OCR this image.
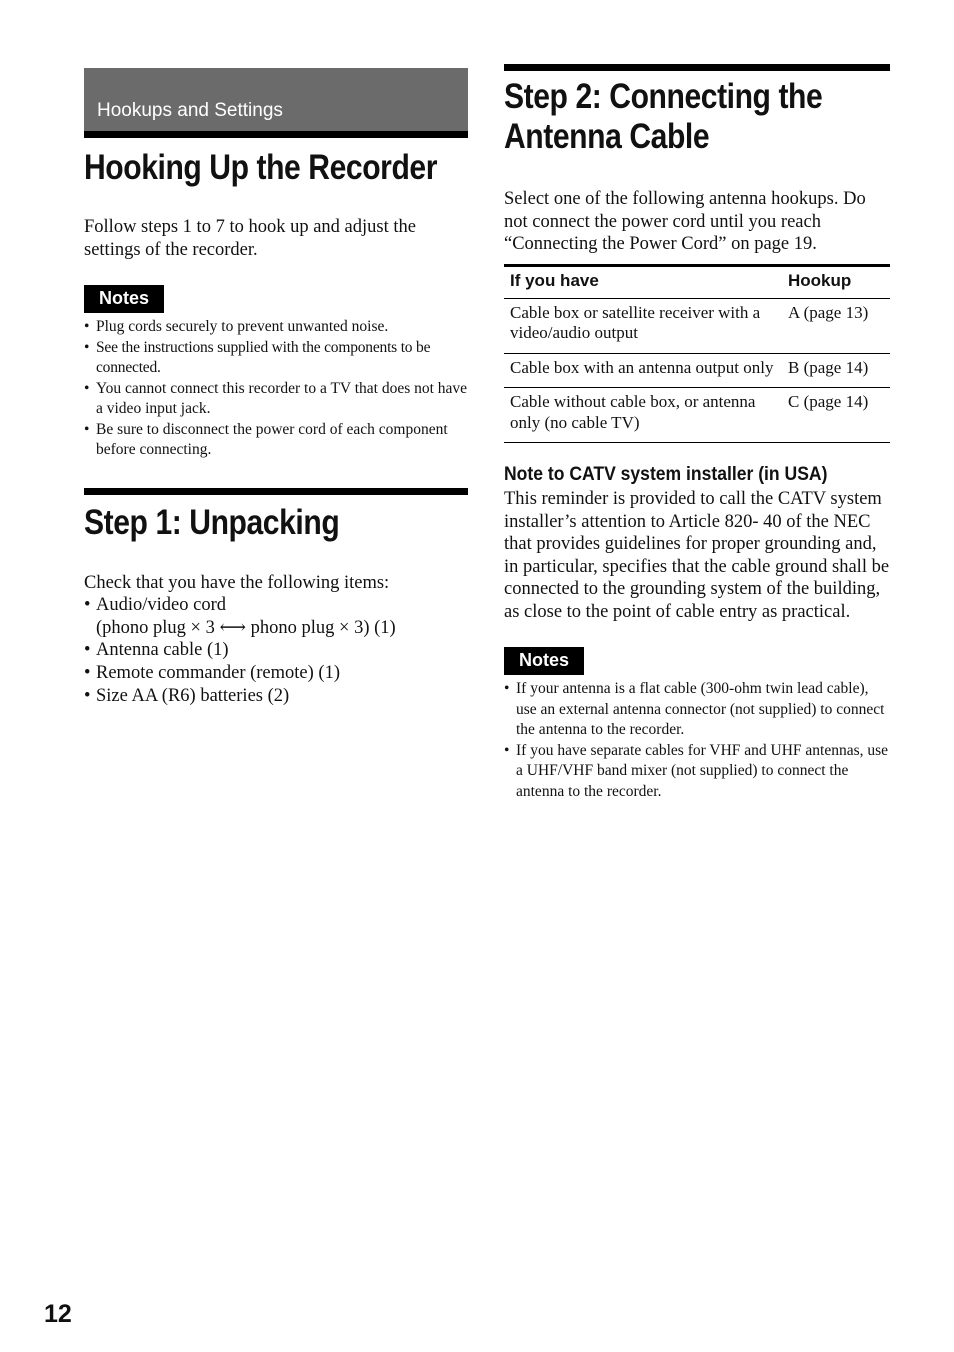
Hookups and Settings
Hooking Up the Recorder
Follow steps 1 to 7 to hook up and adjust the settings of the recorder.
Notes
• Plug cords securely to prevent unwanted noise.
• See the instructions supplied with the components to be connected.
• You cannot connect this recorder to a TV that does not have a video input jack.
• Be sure to disconnect the power cord of each component before connecting.
Step 1: Unpacking
Check that you have the following items:
• Audio/video cord
(phono plug × 3 ⟷ phono plug × 3) (1)
• Antenna cable (1)
• Remote commander (remote) (1)
• Size AA (R6) batteries (2)
Step 2: Connecting the
Antenna Cable
Select one of the following antenna hookups. Do not connect the power cord until you reach “Connecting the Power Cord” on page 19.
If you have	Hookup
Cable box or satellite receiver with a video/audio output	A (page 13)
Cable box with an antenna output only	B (page 14)
Cable without cable box, or antenna only (no cable TV)	C (page 14)
Note to CATV system installer (in USA)
This reminder is provided to call the CATV system installer’s attention to Article 820- 40 of the NEC that provides guidelines for proper grounding and, in particular, specifies that the cable ground shall be connected to the grounding system of the building, as close to the point of cable entry as practical.
Notes
• If your antenna is a flat cable (300-ohm twin lead cable), use an external antenna connector (not supplied) to connect the antenna to the recorder.
• If you have separate cables for VHF and UHF antennas, use a UHF/VHF band mixer (not supplied) to connect the antenna to the recorder.
12
